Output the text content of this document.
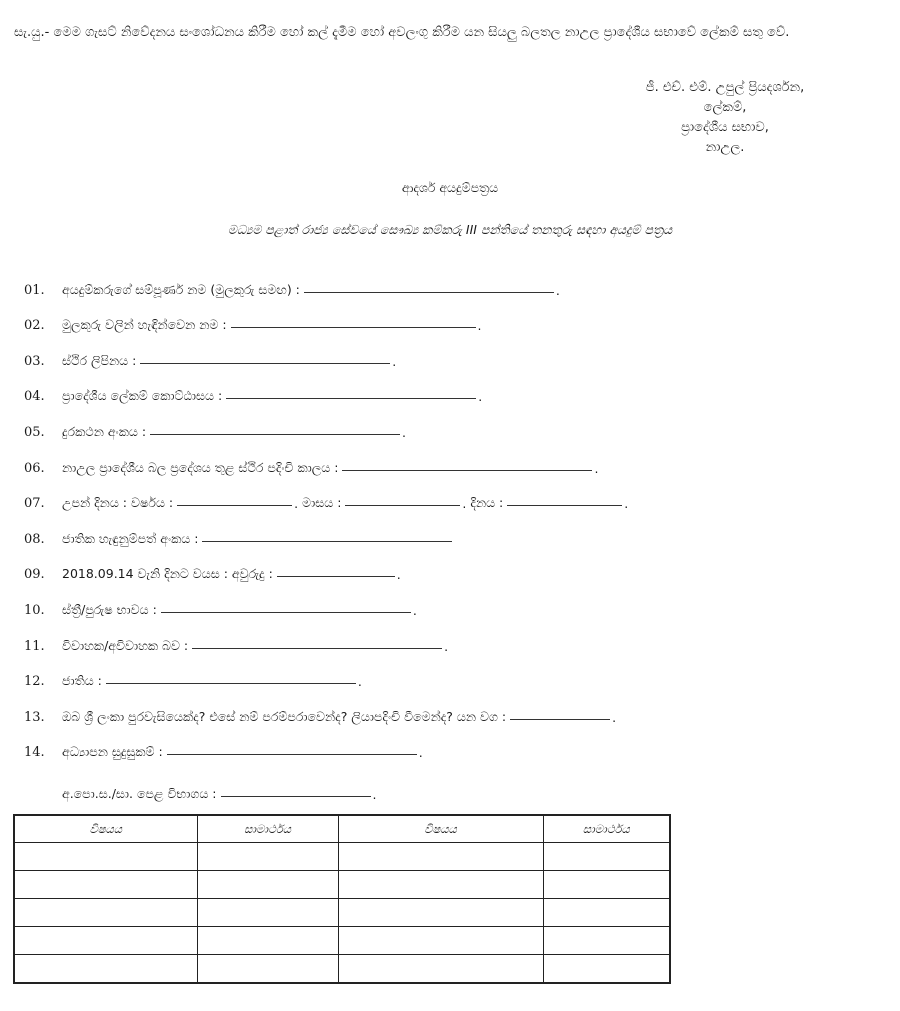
සැ.යු.- මෙම ගැසට් නිවේදනය සංශෝධනය කිරීම හෝ කල් දැමීම හෝ අවලංගු කිරීම යන සියලු බලතල නාඋල ප්‍රාදේශීය සභාවේ ලේකම් සතු වේ.
ජී. එච්. එම්. උපුල් ප්‍රියදර්ශන,
ලේකම්,
ප්‍රාදේශීය සභාව,
නාඋල.
ආදර්ශ අයදුම්පත්‍රය
මධ්‍යම පළාත් රාජ්‍ය සේවයේ සෞඛ්‍ය කම්කරු III පන්තියේ තනතුරු සඳහා අයදුම් පත්‍රය
01.	අයදුම්කරුගේ සම්පූර්ණ නම (මුලකුරු සමඟ) :	.
02.	මුලකුරු වලින් හැඳින්වෙන නම :	.
03.	ස්ථිර ලිපිනය :	.
04.	ප්‍රාදේශීය ලේකම් කොට්ඨාසය :	.
05.	දුරකථන අංකය :	.
06.	නාඋල ප්‍රාදේශීය බල ප්‍රදේශය තුළ ස්ථිර පදිංචි කාලය :	.
07.	උපන් දිනය : වර්ෂය :	. මාසය :	. දිනය :	.
08.	ජාතික හැඳුනුම්පත් අංකය :
09.	2018.09.14 වැනි දිනට වයස : අවුරුදු :	.
10.	ස්ත්‍රී/පුරුෂ භාවය :	.
11.	විවාහක/අවිවාහක බව :	.
12.	ජාතිය :	.
13.	ඔබ ශ්‍රී ලංකා පුරවැසියෙක්ද? එසේ නම් පරම්පරාවෙන්ද? ලියාපදිංචි වීමෙන්ද? යන වග :	.
14.	අධ්‍යාපන සුදුසුකම් :	.
අ.පො.ස./සා. පෙළ විභාගය :	.
විෂයය	සාමාර්ථය	විෂයය	සාමාර්ථය
